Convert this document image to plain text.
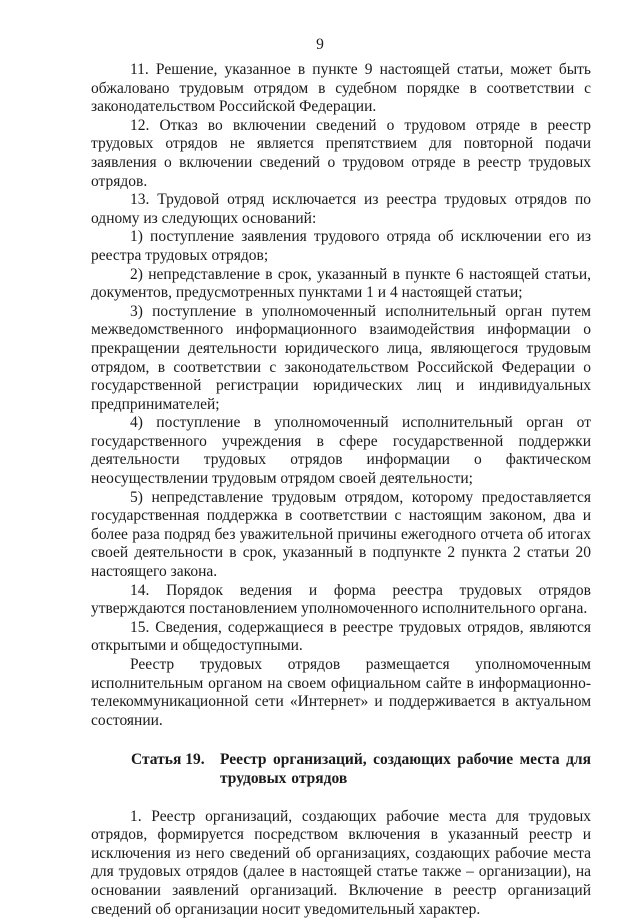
9

11. Решение, указанное в пункте 9 настоящей статьи, может быть обжаловано трудовым отрядом в судебном порядке в соответствии с законодательством Российской Федерации.

12. Отказ во включении сведений о трудовом отряде в реестр трудовых отрядов не является препятствием для повторной подачи заявления о включении сведений о трудовом отряде в реестр трудовых отрядов.

13. Трудовой отряд исключается из реестра трудовых отрядов по одному из следующих оснований:

1) поступление заявления трудового отряда об исключении его из реестра трудовых отрядов;

2) непредставление в срок, указанный в пункте 6 настоящей статьи, документов, предусмотренных пунктами 1 и 4 настоящей статьи;

3) поступление в уполномоченный исполнительный орган путем межведомственного информационного взаимодействия информации о прекращении деятельности юридического лица, являющегося трудовым отрядом, в соответствии с законодательством Российской Федерации о государственной регистрации юридических лиц и индивидуальных предпринимателей;

4) поступление в уполномоченный исполнительный орган от государственного учреждения в сфере государственной поддержки деятельности трудовых отрядов информации о фактическом неосуществлении трудовым отрядом своей деятельности;

5) непредставление трудовым отрядом, которому предоставляется государственная поддержка в соответствии с настоящим законом, два и более раза подряд без уважительной причины ежегодного отчета об итогах своей деятельности в срок, указанный в подпункте 2 пункта 2 статьи 20 настоящего закона.

14. Порядок ведения и форма реестра трудовых отрядов утверждаются постановлением уполномоченного исполнительного органа.

15. Сведения, содержащиеся в реестре трудовых отрядов, являются открытыми и общедоступными.

Реестр трудовых отрядов размещается уполномоченным исполнительным органом на своем официальном сайте в информационно-телекоммуникационной сети «Интернет» и поддерживается в актуальном состоянии.

Статья 19. Реестр организаций, создающих рабочие места для трудовых отрядов

1. Реестр организаций, создающих рабочие места для трудовых отрядов, формируется посредством включения в указанный реестр и исключения из него сведений об организациях, создающих рабочие места для трудовых отрядов (далее в настоящей статье также – организации), на основании заявлений организаций. Включение в реестр организаций сведений об организации носит уведомительный характер.
